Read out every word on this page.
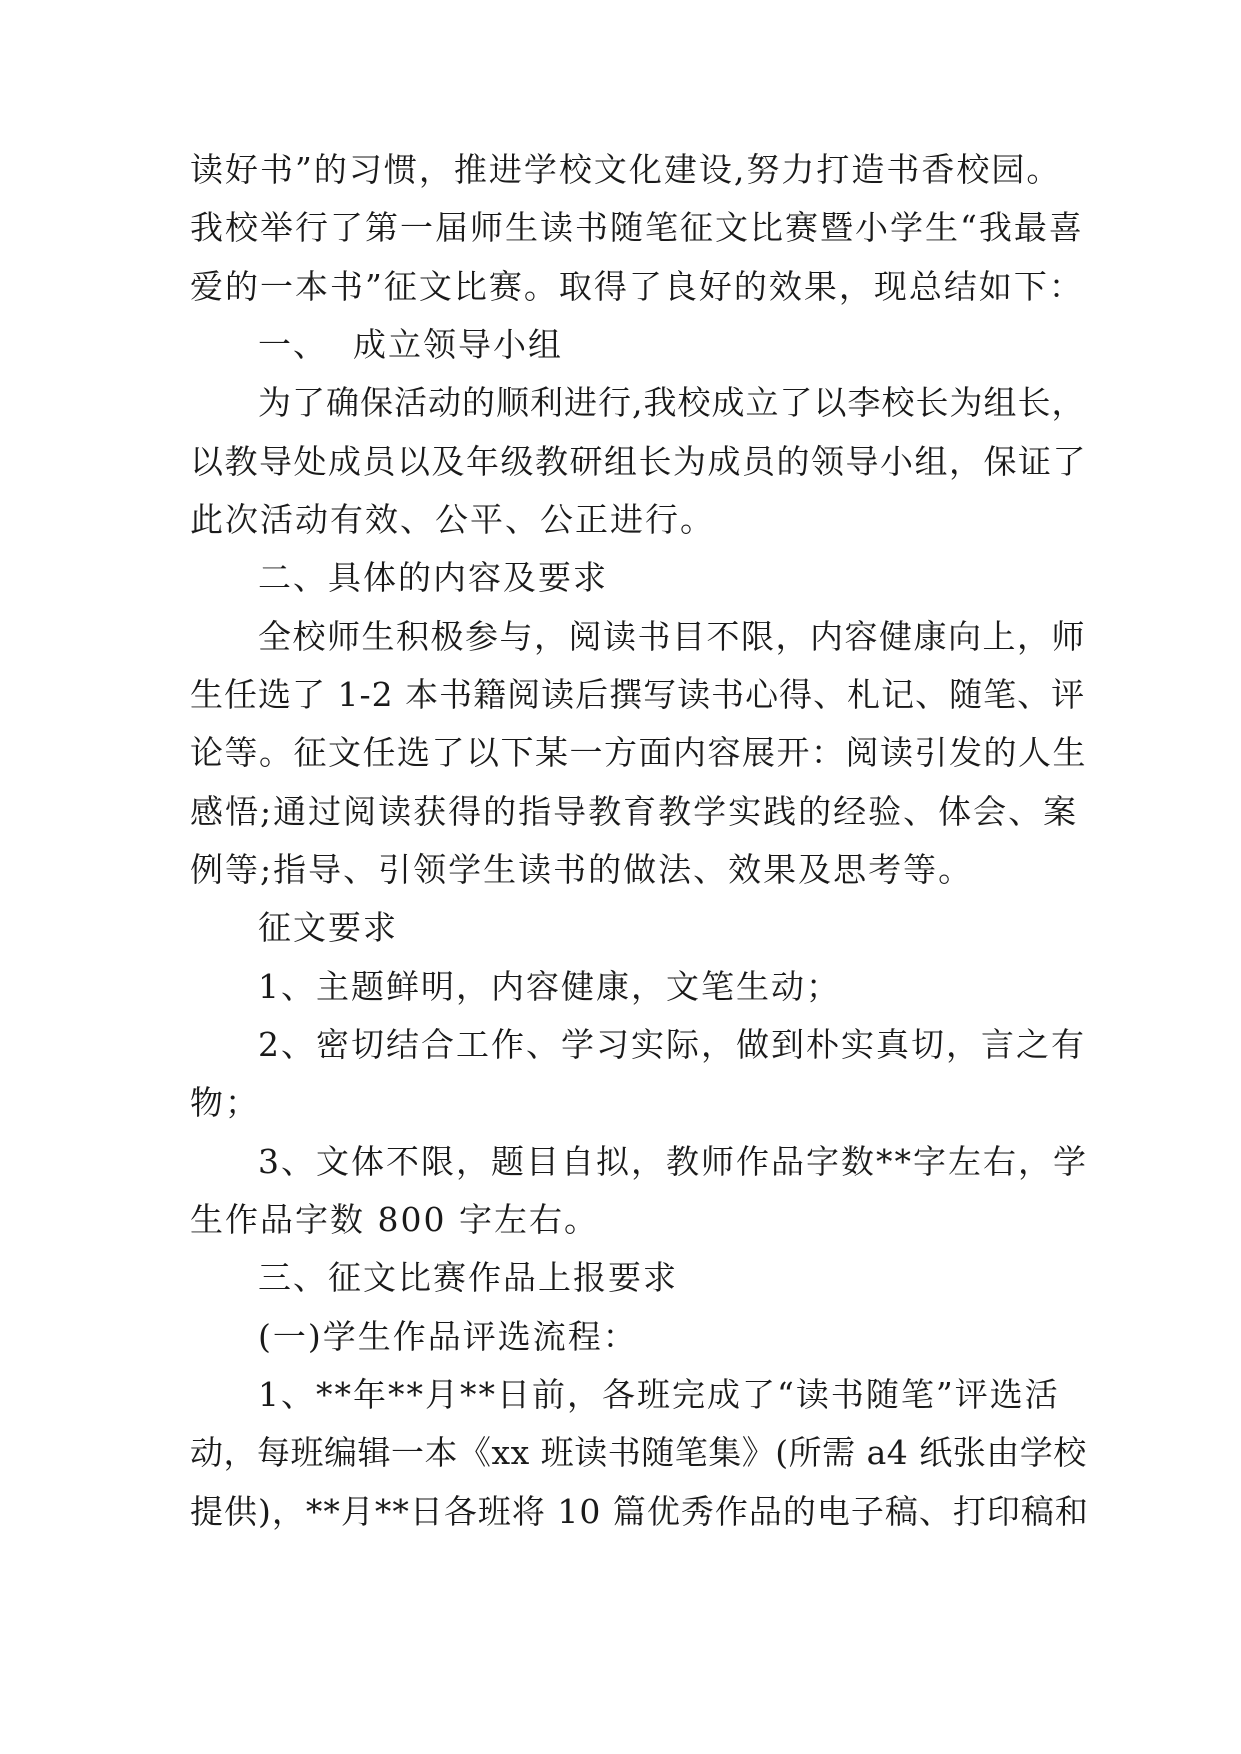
读好书”的习惯，推进学校文化建设,努力打造书香校园。
我校举行了第一届师生读书随笔征文比赛暨小学生“我最喜
爱的一本书”征文比赛。取得了良好的效果，现总结如下：
一、  成立领导小组
为了确保活动的顺利进行,我校成立了以李校长为组长，
以教导处成员以及年级教研组长为成员的领导小组，保证了
此次活动有效、公平、公正进行。
二、具体的内容及要求
全校师生积极参与，阅读书目不限，内容健康向上，师
生任选了 1-2 本书籍阅读后撰写读书心得、札记、随笔、评
论等。征文任选了以下某一方面内容展开：阅读引发的人生
感悟;通过阅读获得的指导教育教学实践的经验、体会、案
例等;指导、引领学生读书的做法、效果及思考等。
征文要求
1、主题鲜明，内容健康，文笔生动；
2、密切结合工作、学习实际，做到朴实真切，言之有
物；
3、文体不限，题目自拟，教师作品字数**字左右，学
生作品字数 800 字左右。
三、征文比赛作品上报要求
(一)学生作品评选流程：
1、**年**月**日前，各班完成了“读书随笔”评选活
动，每班编辑一本《xx 班读书随笔集》(所需 a4 纸张由学校
提供)，**月**日各班将 10 篇优秀作品的电子稿、打印稿和
